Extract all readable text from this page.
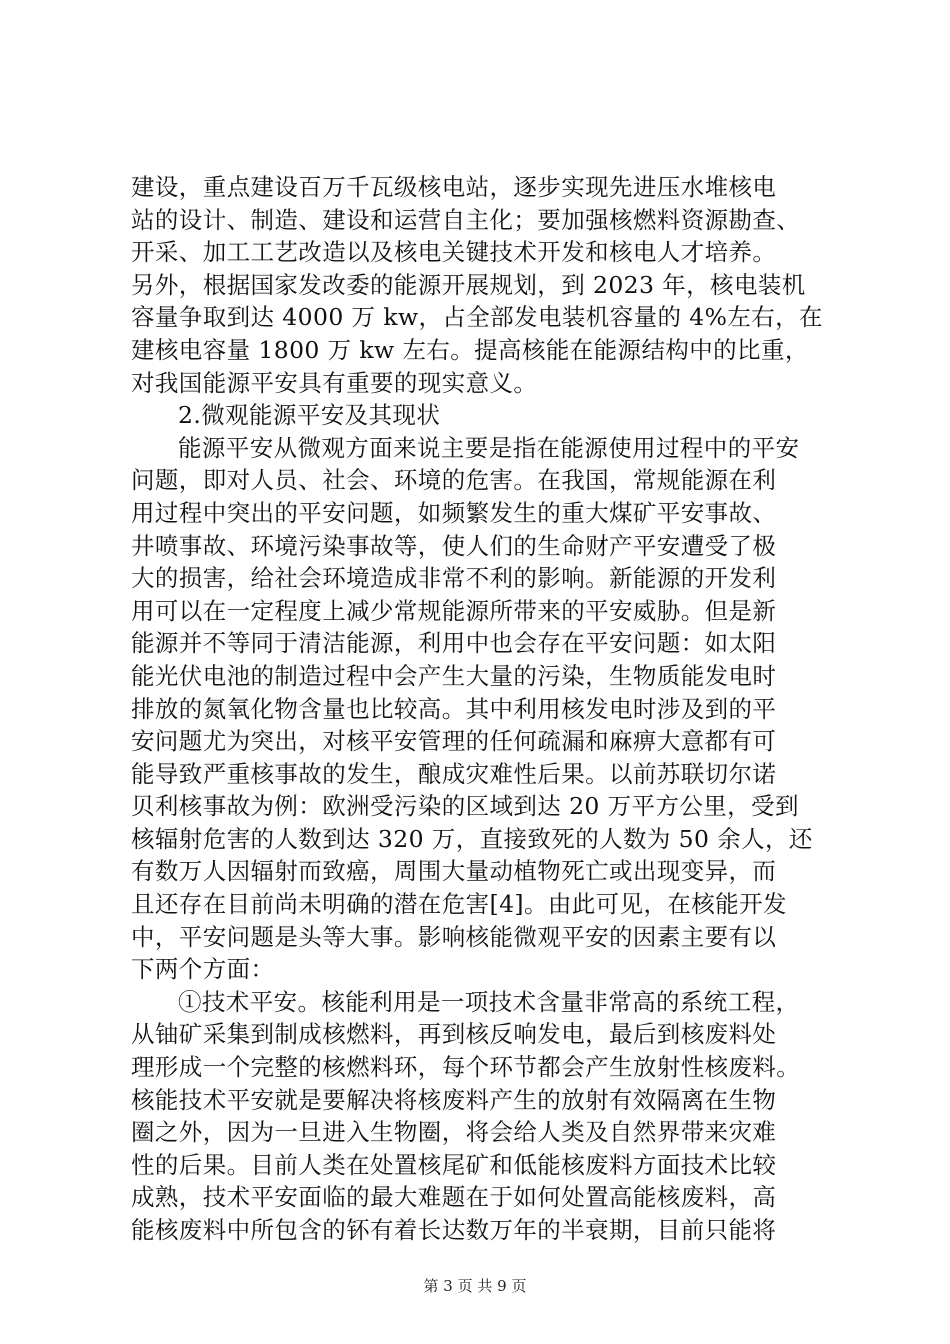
建设，重点建设百万千瓦级核电站，逐步实现先进压水堆核电
站的设计、制造、建设和运营自主化；要加强核燃料资源勘查、
开采、加工工艺改造以及核电关键技术开发和核电人才培养。
另外，根据国家发改委的能源开展规划，到 2023 年，核电装机
容量争取到达 4000 万 kw，占全部发电装机容量的 4%左右，在
建核电容量 1800 万 kw 左右。提高核能在能源结构中的比重，
对我国能源平安具有重要的现实意义。
2.微观能源平安及其现状
能源平安从微观方面来说主要是指在能源使用过程中的平安
问题，即对人员、社会、环境的危害。在我国，常规能源在利
用过程中突出的平安问题，如频繁发生的重大煤矿平安事故、
井喷事故、环境污染事故等，使人们的生命财产平安遭受了极
大的损害，给社会环境造成非常不利的影响。新能源的开发利
用可以在一定程度上减少常规能源所带来的平安威胁。但是新
能源并不等同于清洁能源，利用中也会存在平安问题：如太阳
能光伏电池的制造过程中会产生大量的污染，生物质能发电时
排放的氮氧化物含量也比较高。其中利用核发电时涉及到的平
安问题尤为突出，对核平安管理的任何疏漏和麻痹大意都有可
能导致严重核事故的发生，酿成灾难性后果。以前苏联切尔诺
贝利核事故为例：欧洲受污染的区域到达 20 万平方公里，受到
核辐射危害的人数到达 320 万，直接致死的人数为 50 余人，还
有数万人因辐射而致癌，周围大量动植物死亡或出现变异，而
且还存在目前尚未明确的潜在危害[4]。由此可见，在核能开发
中，平安问题是头等大事。影响核能微观平安的因素主要有以
下两个方面：
①技术平安。核能利用是一项技术含量非常高的系统工程，
从铀矿采集到制成核燃料，再到核反响发电，最后到核废料处
理形成一个完整的核燃料环，每个环节都会产生放射性核废料。
核能技术平安就是要解决将核废料产生的放射有效隔离在生物
圈之外，因为一旦进入生物圈，将会给人类及自然界带来灾难
性的后果。目前人类在处置核尾矿和低能核废料方面技术比较
成熟，技术平安面临的最大难题在于如何处置高能核废料，高
能核废料中所包含的钚有着长达数万年的半衰期，目前只能将
第 3 页 共 9 页
